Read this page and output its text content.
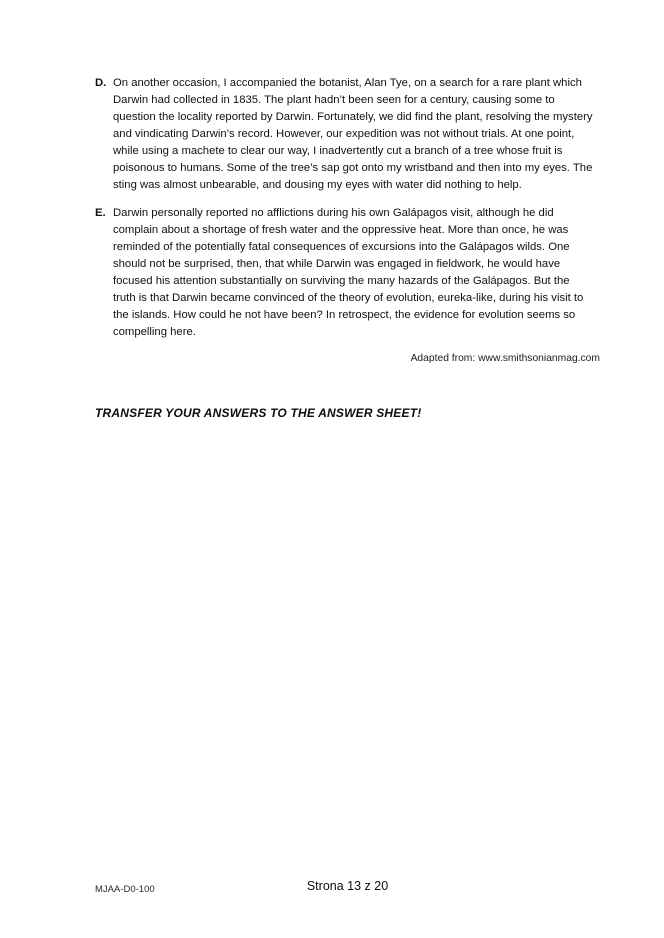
D. On another occasion, I accompanied the botanist, Alan Tye, on a search for a rare plant which Darwin had collected in 1835. The plant hadn’t been seen for a century, causing some to question the locality reported by Darwin. Fortunately, we did find the plant, resolving the mystery and vindicating Darwin’s record. However, our expedition was not without trials. At one point, while using a machete to clear our way, I inadvertently cut a branch of a tree whose fruit is poisonous to humans. Some of the tree’s sap got onto my wristband and then into my eyes. The sting was almost unbearable, and dousing my eyes with water did nothing to help.
E. Darwin personally reported no afflictions during his own Galápagos visit, although he did complain about a shortage of fresh water and the oppressive heat. More than once, he was reminded of the potentially fatal consequences of excursions into the Galápagos wilds. One should not be surprised, then, that while Darwin was engaged in fieldwork, he would have focused his attention substantially on surviving the many hazards of the Galápagos. But the truth is that Darwin became convinced of the theory of evolution, eureka-like, during his visit to the islands. How could he not have been? In retrospect, the evidence for evolution seems so compelling here.
Adapted from: www.smithsonianmag.com
TRANSFER YOUR ANSWERS TO THE ANSWER SHEET!
MJAA-D0-100	Strona 13 z 20
